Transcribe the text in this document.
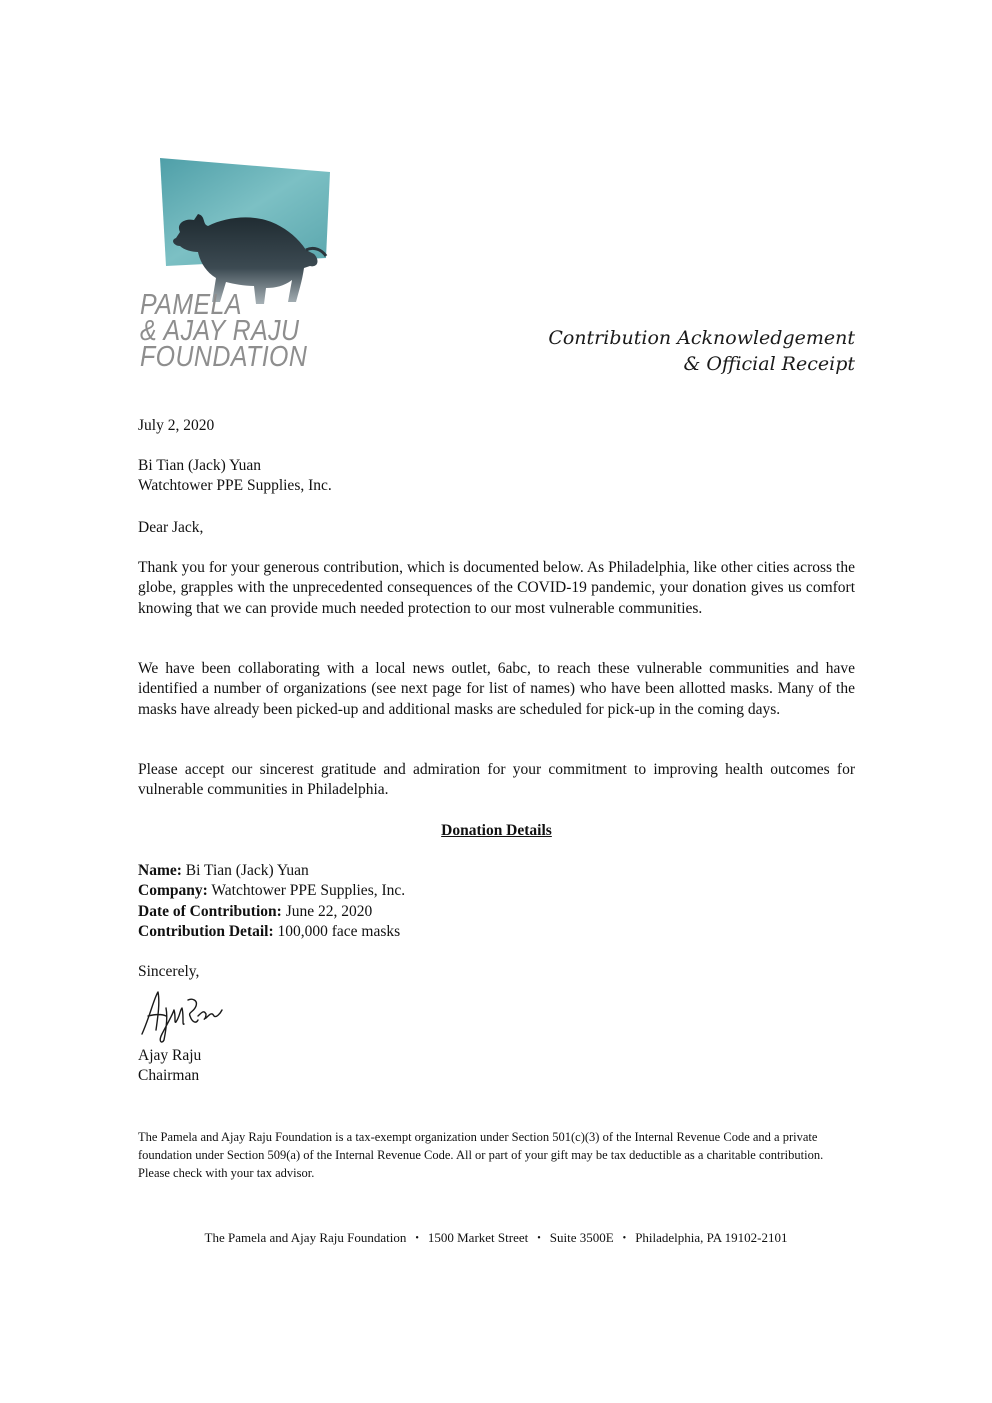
PAMELA
& AJAY RAJU
FOUNDATION
Contribution Acknowledgement
& Official Receipt
July 2, 2020
Bi Tian (Jack) Yuan
Watchtower PPE Supplies, Inc.
Dear Jack,
Thank you for your generous contribution, which is documented below. As Philadelphia, like other cities across the globe, grapples with the unprecedented consequences of the COVID-19 pandemic, your donation gives us comfort knowing that we can provide much needed protection to our most vulnerable communities.
We have been collaborating with a local news outlet, 6abc, to reach these vulnerable communities and have identified a number of organizations (see next page for list of names) who have been allotted masks. Many of the masks have already been picked-up and additional masks are scheduled for pick-up in the coming days.
Please accept our sincerest gratitude and admiration for your commitment to improving health outcomes for vulnerable communities in Philadelphia.
Donation Details
Name: Bi Tian (Jack) Yuan
Company: Watchtower PPE Supplies, Inc.
Date of Contribution: June 22, 2020
Contribution Detail: 100,000 face masks
Sincerely,
Ajay Raju
Chairman
The Pamela and Ajay Raju Foundation is a tax-exempt organization under Section 501(c)(3) of the Internal Revenue Code and a private foundation under Section 509(a) of the Internal Revenue Code. All or part of your gift may be tax deductible as a charitable contribution. Please check with your tax advisor.
The Pamela and Ajay Raju Foundation • 1500 Market Street • Suite 3500E • Philadelphia, PA 19102-2101
